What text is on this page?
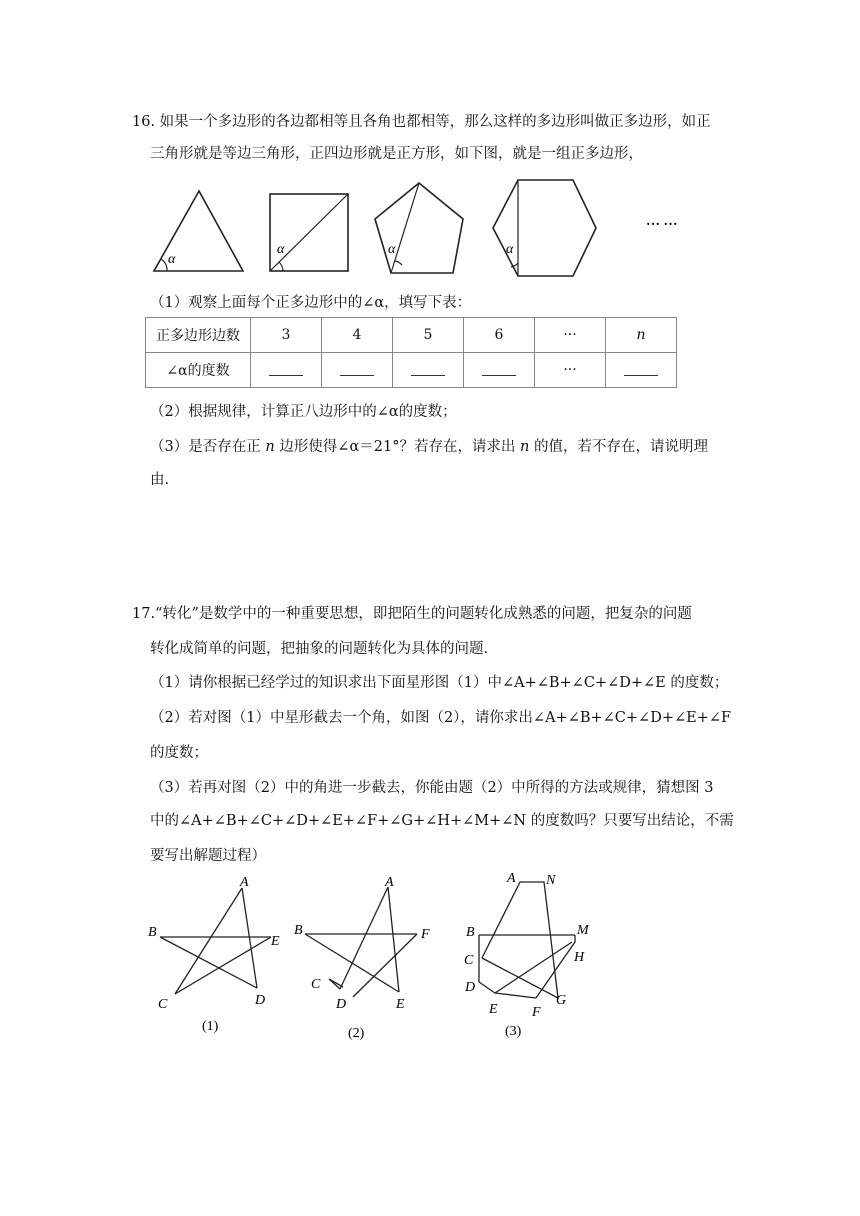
16. 如果一个多边形的各边都相等且各角也都相等，那么这样的多边形叫做正多边形，如正
三角形就是等边三角形，正四边形就是正方形，如下图，就是一组正多边形，
α
α	α	α
… …
（1）观察上面每个正多边形中的∠α，填写下表：
正多边形边数	3	4	5	6	···	n
∠α的度数					···	
（2）根据规律，计算正八边形中的∠α的度数；
（3）是否存在正 n 边形使得∠α＝21°？若存在，请求出 n 的值，若不存在，请说明理
由.
17.“转化”是数学中的一种重要思想，即把陌生的问题转化成熟悉的问题，把复杂的问题
转化成简单的问题，把抽象的问题转化为具体的问题.
（1）请你根据已经学过的知识求出下面星形图（1）中∠A+∠B+∠C+∠D+∠E 的度数；
（2）若对图（1）中星形截去一个角，如图（2），请你求出∠A+∠B+∠C+∠D+∠E+∠F
的度数；
（3）若再对图（2）中的角进一步截去，你能由题（2）中所得的方法或规律，猜想图 3
中的∠A+∠B+∠C+∠D+∠E+∠F+∠G+∠H+∠M+∠N 的度数吗？只要写出结论，不需
要写出解题过程）
A
B
C	D
E
(1)
A
B
C
D	E
F
(2)
A N
B	M
C	H
D
E F
G
(3)
